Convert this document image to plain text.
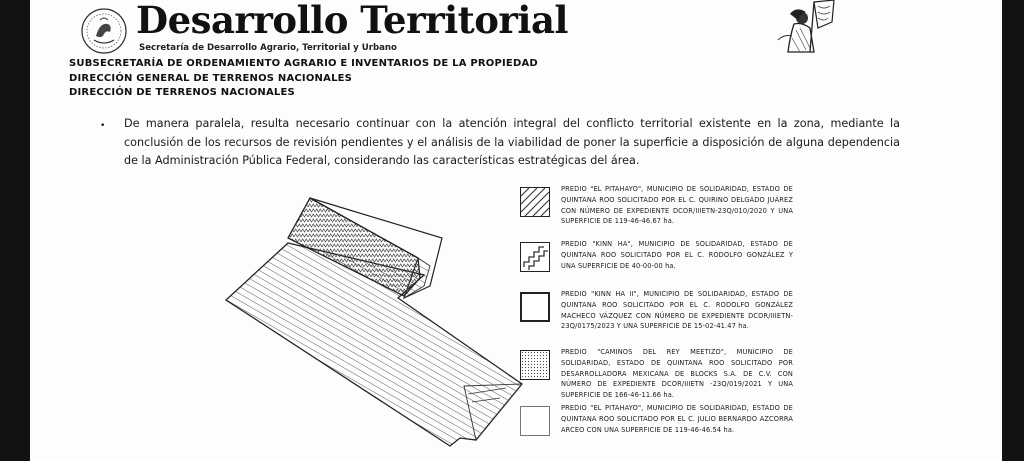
Desarrollo Territorial
Secretaría de Desarrollo Agrario, Territorial y Urbano
SUBSECRETARÍA DE ORDENAMIENTO AGRARIO E INVENTARIOS DE LA PROPIEDAD
DIRECCIÓN GENERAL DE TERRENOS NACIONALES
DIRECCIÓN DE TERRENOS NACIONALES
• De manera paralela, resulta necesario continuar con la atención integral del conflicto territorial existente en la zona, mediante la conclusión de los recursos de revisión pendientes y el análisis de la viabilidad de poner la superficie a disposición de alguna dependencia de la Administración Pública Federal, considerando las características estratégicas del área.
PREDIO "EL PITAHAYO", MUNICIPIO DE SOLIDARIDAD, ESTADO DE QUINTANA ROO SOLICITADO POR EL C. QUIRINO DELGADO JUÁREZ CON NÚMERO DE EXPEDIENTE DCOR/IIIETN-23Q/010/2020 Y UNA SUPERFICIE DE 119-46-46.67 ha.
PREDIO "KINN HA", MUNICIPIO DE SOLIDARIDAD, ESTADO DE QUINTANA ROO SOLICITADO POR EL C. RODOLFO GONZÁLEZ Y UNA SUPERFICIE DE 40-00-00 ha.
PREDIO "KINN HA II", MUNICIPIO DE SOLIDARIDAD, ESTADO DE QUINTANA ROO SOLICITADO POR EL C. RODOLFO GONZÁLEZ MACHECO VÁZQUEZ CON NÚMERO DE EXPEDIENTE DCOR/IIIETN-23Q/0175/2023 Y UNA SUPERFICIE DE 15-02-41.47 ha.
PREDIO "CAMINOS DEL REY MEETIZO", MUNICIPIO DE SOLIDARIDAD, ESTADO DE QUINTANA ROO SOLICITADO POR DESARROLLADORA MEXICANA DE BLOCKS S.A. DE C.V. CON NÚMERO DE EXPEDIENTE DCOR/IIIETN -23Q/019/2021 Y UNA SUPERFICIE DE 166-46-11.66 ha.
PREDIO "EL PITAHAYO", MUNICIPIO DE SOLIDARIDAD, ESTADO DE QUINTANA ROO SOLICITADO POR EL C. JULIO BERNARDO AZCORRA ARCEO CON UNA SUPERFICIE DE 119-46-46.54 ha.
